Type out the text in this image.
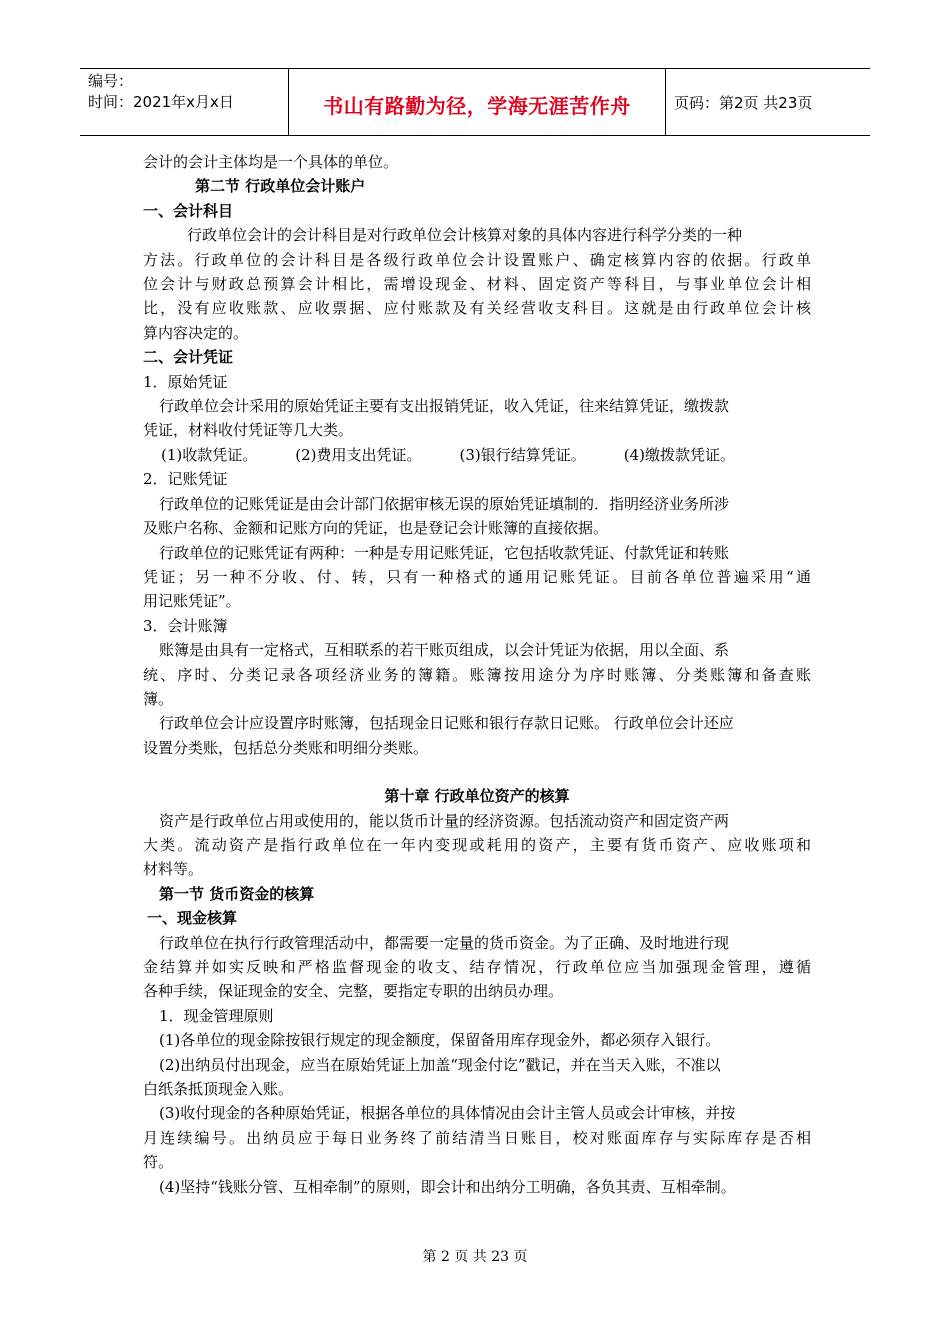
编号：
时间：2021年x月x日	书山有路勤为径，学海无涯苦作舟	页码：第2页 共23页
会计的会计主体均是一个具体的单位。
第二节 行政单位会计账户
一、会计科目
行政单位会计的会计科目是对行政单位会计核算对象的具体内容进行科学分类的一种
方法。行政单位的会计科目是各级行政单位会计设置账户、确定核算内容的依据。行政单
位会计与财政总预算会计相比，需增设现金、材料、固定资产等科目，与事业单位会计相
比，没有应收账款、应收票据、应付账款及有关经营收支科目。这就是由行政单位会计核
算内容决定的。
二、会计凭证
1．原始凭证
行政单位会计采用的原始凭证主要有支出报销凭证，收入凭证，往来结算凭证，缴拨款
凭证，材料收付凭证等几大类。
(1)收款凭证。	(2)费用支出凭证。	(3)银行结算凭证。	(4)缴拨款凭证。
2．记账凭证
行政单位的记账凭证是由会计部门依据审核无误的原始凭证填制的．指明经济业务所涉
及账户名称、金额和记账方向的凭证，也是登记会计账簿的直接依据。
行政单位的记账凭证有两种：一种是专用记账凭证，它包括收款凭证、付款凭证和转账
凭证；另一种不分收、付、转，只有一种格式的通用记账凭证。目前各单位普遍采用“通
用记账凭证”。
3．会计账簿
账簿是由具有一定格式，互相联系的若干账页组成，以会计凭证为依据，用以全面、系
统、序时、分类记录各项经济业务的簿籍。账簿按用途分为序时账簿、分类账簿和备查账
簿。
行政单位会计应设置序时账簿，包括现金日记账和银行存款日记账。 行政单位会计还应
设置分类账，包括总分类账和明细分类账。
第十章 行政单位资产的核算
资产是行政单位占用或使用的，能以货币计量的经济资源。包括流动资产和固定资产两
大类。流动资产是指行政单位在一年内变现或耗用的资产，主要有货币资产、应收账项和
材料等。
第一节 货币资金的核算
一、现金核算
行政单位在执行行政管理活动中，都需要一定量的货币资金。为了正确、及时地进行现
金结算并如实反映和严格监督现金的收支、结存情况，行政单位应当加强现金管理，遵循
各种手续，保证现金的安全、完整，要指定专职的出纳员办理。
1．现金管理原则
(1)各单位的现金除按银行规定的现金额度，保留备用库存现金外，都必须存入银行。
(2)出纳员付出现金，应当在原始凭证上加盖“现金付讫”戳记，并在当天入账，不准以
白纸条抵顶现金入账。
(3)收付现金的各种原始凭证，根据各单位的具体情况由会计主管人员或会计审核，并按
月连续编号。出纳员应于每日业务终了前结清当日账目，校对账面库存与实际库存是否相
符。
(4)坚持“钱账分管、互相牵制”的原则，即会计和出纳分工明确，各负其责、互相牵制。
第 2 页 共 23 页
